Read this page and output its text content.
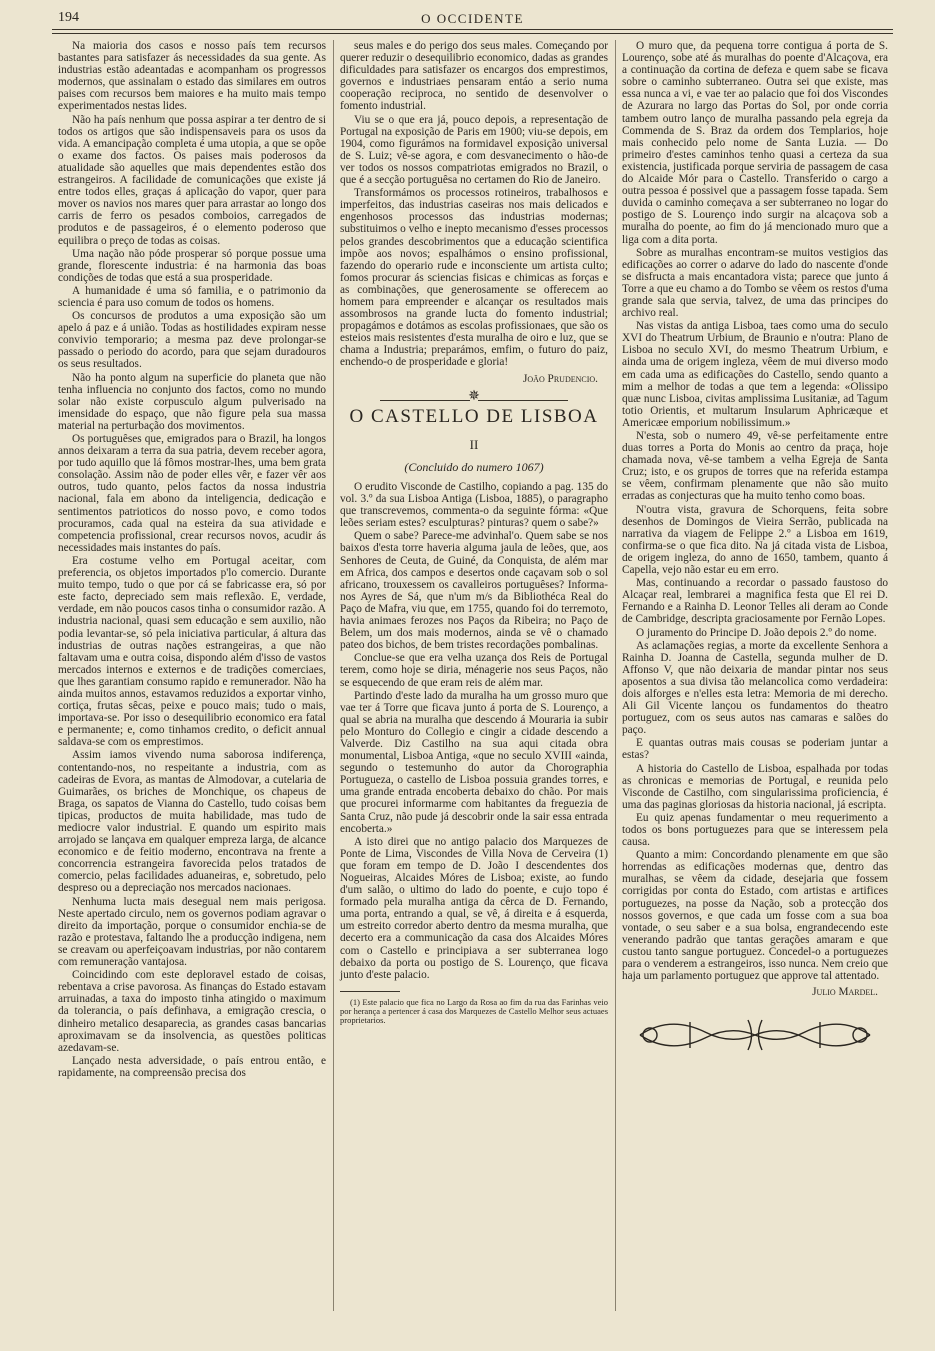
194	O OCCIDENTE

Na maioria dos casos e nosso país tem recursos bastantes para satisfazer ás necessidades da sua gente. As industrias estão adeantadas e acompanham os progressos modernos, que assinalam o estado das similares em outros paises com recursos bem maiores e ha muito mais tempo experimentados nestas lides.

Não ha país nenhum que possa aspirar a ter dentro de si todos os artigos que são indispensaveis para os usos da vida. A emancipação completa é uma utopia, a que se opõe o exame dos factos. Os paises mais poderosos da atualidade são aquelles que mais dependentes estão dos estrangeiros. A facilidade de comunicações que existe já entre todos elles, graças á aplicação do vapor, quer para mover os navios nos mares quer para arrastar ao longo dos carris de ferro os pesados comboios, carregados de produtos e de passageiros, é o elemento poderoso que equilibra o preço de todas as coisas.

Uma nação não póde prosperar só porque possue uma grande, florescente industria: é na harmonia das boas condições de todas que está a sua prosperidade.

A humanidade é uma só familia, e o patrimonio da sciencia é para uso comum de todos os homens.

Os concursos de produtos a uma exposição são um apelo á paz e á união. Todas as hostilidades expiram nesse convivio temporario; a mesma paz deve prolongar-se passado o periodo do acordo, para que sejam duradouros os seus resultados.

Não ha ponto algum na superficie do planeta que não tenha influencia no conjunto dos factos, como no mundo solar não existe corpusculo algum pulverisado na imensidade do espaço, que não figure pela sua massa material na perturbação dos movimentos.

Os portuguêses que, emigrados para o Brazil, ha longos annos deixaram a terra da sua patria, devem receber agora, por tudo aquillo que lá fômos mostrar-lhes, uma bem grata consolação. Assim não de poder elles vêr, e fazer vêr aos outros, tudo quanto, pelos factos da nossa industria nacional, fala em abono da inteligencia, dedicação e sentimentos patrioticos do nosso povo, e como todos procuramos, cada qual na esteira da sua atividade e competencia profissional, crear recursos novos, acudir ás necessidades mais instantes do país.

Era costume velho em Portugal aceitar, com preferencia, os objetos importados p'lo comercio. Durante muito tempo, tudo o que por cá se fabricasse era, só por este facto, depreciado sem mais reflexão. E, verdade, verdade, em não poucos casos tinha o consumidor razão. A industria nacional, quasi sem educação e sem auxilio, não podia levantar-se, só pela iniciativa particular, á altura das industrias de outras nações estrangeiras, a que não faltavam uma e outra coisa, dispondo além d'isso de vastos mercados internos e externos e de tradições comerciaes, que lhes garantiam consumo rapido e remunerador. Não ha ainda muitos annos, estavamos reduzidos a exportar vinho, cortiça, frutas sêcas, peixe e pouco mais; tudo o mais, importava-se. Por isso o desequilibrio economico era fatal e permanente; e, como tinhamos credito, o deficit annual saldava-se com os emprestimos.

Assim iamos vivendo numa saborosa indiferença, contentando-nos, no respeitante a industria, com as cadeiras de Evora, as mantas de Almodovar, a cutelaria de Guimarães, os briches de Monchique, os chapeus de Braga, os sapatos de Vianna do Castello, tudo coisas bem tipicas, productos de muita habilidade, mas tudo de mediocre valor industrial. E quando um espirito mais arrojado se lançava em qualquer empreza larga, de alcance economico e de feitio moderno, encontrava na frente a concorrencia estrangeira favorecida pelos tratados de comercio, pelas facilidades aduaneiras, e, sobretudo, pelo despreso ou a depreciação nos mercados nacionaes.

Nenhuma lucta mais desegual nem mais perigosa. Neste apertado circulo, nem os governos podiam agravar o direito da importação, porque o consumidor enchia-se de razão e protestava, faltando lhe a producção indigena, nem se creavam ou aperfeiçoavam industrias, por não contarem com remuneração vantajosa.

Coincidindo com este deploravel estado de coisas, rebentava a crise pavorosa. As finanças do Estado estavam arruinadas, a taxa do imposto tinha atingido o maximum da tolerancia, o país definhava, a emigração crescia, o dinheiro metalico desaparecia, as grandes casas bancarias aproximavam se da insolvencia, as questões politicas azedavam-se.

Lançado nesta adversidade, o país entrou então, e rapidamente, na compreensão precisa dos

seus males e do perigo dos seus males. Começando por querer reduzir o desequilibrio economico, dadas as grandes dificuldades para satisfazer os encargos dos emprestimos, governos e industriaes pensaram entáo a serio numa cooperação reciproca, no sentido de desenvolver o fomento industrial.

Viu se o que era já, pouco depois, a representação de Portugal na exposição de Paris em 1900; viu-se depois, em 1904, como figurámos na formidavel exposição universal de S. Luiz; vê-se agora, e com desvanecimento o hão-de ver todos os nossos compatriotas emigrados no Brazil, o que é a secção portuguêsa no certamen do Rio de Janeiro.

Transformámos os processos rotineiros, trabalhosos e imperfeitos, das industrias caseiras nos mais delicados e engenhosos processos das industrias modernas; substituimos o velho e inepto mecanismo d'esses processos pelos grandes descobrimentos que a educação scientifica impõe aos novos; espalhámos o ensino profissional, fazendo do operario rude e inconsciente um artista culto; fomos procurar ás sciencias fisicas e chimicas as forças e as combinações, que generosamente se offerecem ao homem para empreender e alcançar os resultados mais assombrosos na grande lucta do fomento industrial; propagámos e dotámos as escolas profissionaes, que são os esteios mais resistentes d'esta muralha de oiro e luz, que se chama a Industria; preparámos, emfim, o futuro do paiz, enchendo-o de prosperidade e gloria!

João Prudencio.

✵
O CASTELLO DE LISBOA
II
(Concluido do numero 1067)

O erudito Visconde de Castilho, copiando a pag. 135 do vol. 3.º da sua Lisboa Antiga (Lisboa, 1885), o paragrapho que transcrevemos, commenta-o da seguinte fórma: «Que leões seriam estes? esculpturas? pinturas? quem o sabe?»

Quem o sabe? Parece-me advinhal'o. Quem sabe se nos baixos d'esta torre haveria alguma jaula de leões, que, aos Senhores de Ceuta, de Guiné, da Conquista, de além mar em Africa, dos campos e desertos onde caçavam sob o sol africano, trouxessem os cavalleiros portuguêses? Informa-nos Ayres de Sá, que n'um m/s da Bibliothéca Real do Paço de Mafra, viu que, em 1755, quando foi do terremoto, havia animaes ferozes nos Paços da Ribeira; no Paço de Belem, um dos mais modernos, ainda se vê o chamado pateo dos bichos, de bem tristes recordações pombalinas.

Conclue-se que era velha uzança dos Reis de Portugal terem, como hoje se diria, ménagerie nos seus Paços, não se esquecendo de que eram reis de além mar.

Partindo d'este lado da muralha ha um grosso muro que vae ter á Torre que ficava junto á porta de S. Lourenço, a qual se abria na muralha que descendo á Mouraria ia subir pelo Monturo do Collegio e cingir a cidade descendo a Valverde. Diz Castilho na sua aqui citada obra monumental, Lisboa Antiga, «que no seculo XVIII «ainda, segundo o testemunho do autor da Chorographia Portugueza, o castello de Lisboa possuia grandes torres, e uma grande entrada encoberta debaixo do chão. Por mais que procurei informarme com habitantes da freguezia de Santa Cruz, não pude já descobrir onde la sair essa entrada encoberta.»

A isto direi que no antigo palacio dos Marquezes de Ponte de Lima, Viscondes de Villa Nova de Cerveira (1) que foram em tempo de D. João I descendentes dos Nogueiras, Alcaides Móres de Lisboa; existe, ao fundo d'um salão, o ultimo do lado do poente, e cujo topo é formado pela muralha antiga da cêrca de D. Fernando, uma porta, entrando a qual, se vê, á direita e á esquerda, um estreito corredor aberto dentro da mesma muralha, que decerto era a communicação da casa dos Alcaides Móres com o Castello e principiava a ser subterranea logo debaixo da porta ou postigo de S. Lourenço, que ficava junto d'este palacio.

(1) Este palacio que fica no Largo da Rosa ao fim da rua das Farinhas veio por herança a pertencer á casa dos Marquezes de Castello Melhor seus actuaes proprietarios.

O muro que, da pequena torre contigua á porta de S. Lourenço, sobe até ás muralhas do poente d'Alcaçova, era a continuação da cortina de defeza e quem sabe se ficava sobre o caminho subterraneo. Outra sei que existe, mas essa nunca a vi, e vae ter ao palacio que foi dos Viscondes de Azurara no largo das Portas do Sol, por onde corria tambem outro lanço de muralha passando pela egreja da Commenda de S. Braz da ordem dos Templarios, hoje mais conhecido pelo nome de Santa Luzia. — Do primeiro d'estes caminhos tenho quasi a certeza da sua existencia, justificada porque serviria de passagem de casa do Alcaide Mór para o Castello. Transferido o cargo a outra pessoa é possivel que a passagem fosse tapada. Sem duvida o caminho começava a ser subterraneo no logar do postigo de S. Lourenço indo surgir na alcaçova sob a muralha do poente, ao fim do já mencionado muro que a liga com a dita porta.

Sobre as muralhas encontram-se muitos vestigios das edificações ao correr o adarve do lado do nascente d'onde se disfructa a mais encantadora vista; parece que junto á Torre a que eu chamo a do Tombo se vêem os restos d'uma grande sala que servia, talvez, de uma das principes do archivo real.

Nas vistas da antiga Lisboa, taes como uma do seculo XVI do Theatrum Urbium, de Braunio e n'outra: Plano de Lisboa no seculo XVI, do mesmo Theatrum Urbium, e ainda uma de origem ingleza, vêem de mui diverso modo em cada uma as edificações do Castello, sendo quanto a mim a melhor de todas a que tem a legenda: «Olissipo quæ nunc Lisboa, civitas amplissima Lusitaniæ, ad Tagum totio Orientis, et multarum Insularum Aphricæque et Americæe emporium nobilissimum.»

N'esta, sob o numero 49, vê-se perfeitamente entre duas torres a Porta do Monis ao centro da praça, hoje chamada nova, vê-se tambem a velha Egreja de Santa Cruz; isto, e os grupos de torres que na referida estampa se vêem, confirmam plenamente que não são muito erradas as conjecturas que ha muito tenho como boas.

N'outra vista, gravura de Schorquens, feita sobre desenhos de Domingos de Vieira Serrão, publicada na narrativa da viagem de Felippe 2.º a Lisboa em 1619, confirma-se o que fica dito. Na já citada vista de Lisboa, de origem ingleza, do anno de 1650, tambem, quanto á Capella, vejo não estar eu em erro.

Mas, continuando a recordar o passado faustoso do Alcaçar real, lembrarei a magnifica festa que El rei D. Fernando e a Rainha D. Leonor Telles ali deram ao Conde de Cambridge, descripta graciosamente por Fernão Lopes.

O juramento do Principe D. João depois 2.º do nome.

As aclamações regias, a morte da excellente Senhora a Rainha D. Joanna de Castella, segunda mulher de D. Affonso V, que não deixaria de mandar pintar nos seus aposentos a sua divisa tão melancolica como verdadeira: dois alforges e n'elles esta letra: Memoria de mi derecho. Ali Gil Vicente lançou os fundamentos do theatro portuguez, com os seus autos nas camaras e salões do paço.

E quantas outras mais cousas se poderiam juntar a estas?

A historia do Castello de Lisboa, espalhada por todas as chronicas e memorias de Portugal, e reunida pelo Visconde de Castilho, com singularissima proficiencia, é uma das paginas gloriosas da historia nacional, já escripta.

Eu quiz apenas fundamentar o meu requerimento a todos os bons portuguezes para que se interessem pela causa.

Quanto a mim: Concordando plenamente em que são horrendas as edificações modernas que, dentro das muralhas, se vêem da cidade, desejaria que fossem corrigidas por conta do Estado, com artistas e artifices portuguezes, na posse da Nação, sob a protecção dos nossos governos, e que cada um fosse com a sua boa vontade, o seu saber e a sua bolsa, engrandecendo este venerando padrão que tantas gerações amaram e que custou tanto sangue portuguez. Concedel-o a portuguezes para o venderem a estrangeiros, isso nunca. Nem creio que haja um parlamento portuguez que approve tal attentado.

Julio Mardel.
